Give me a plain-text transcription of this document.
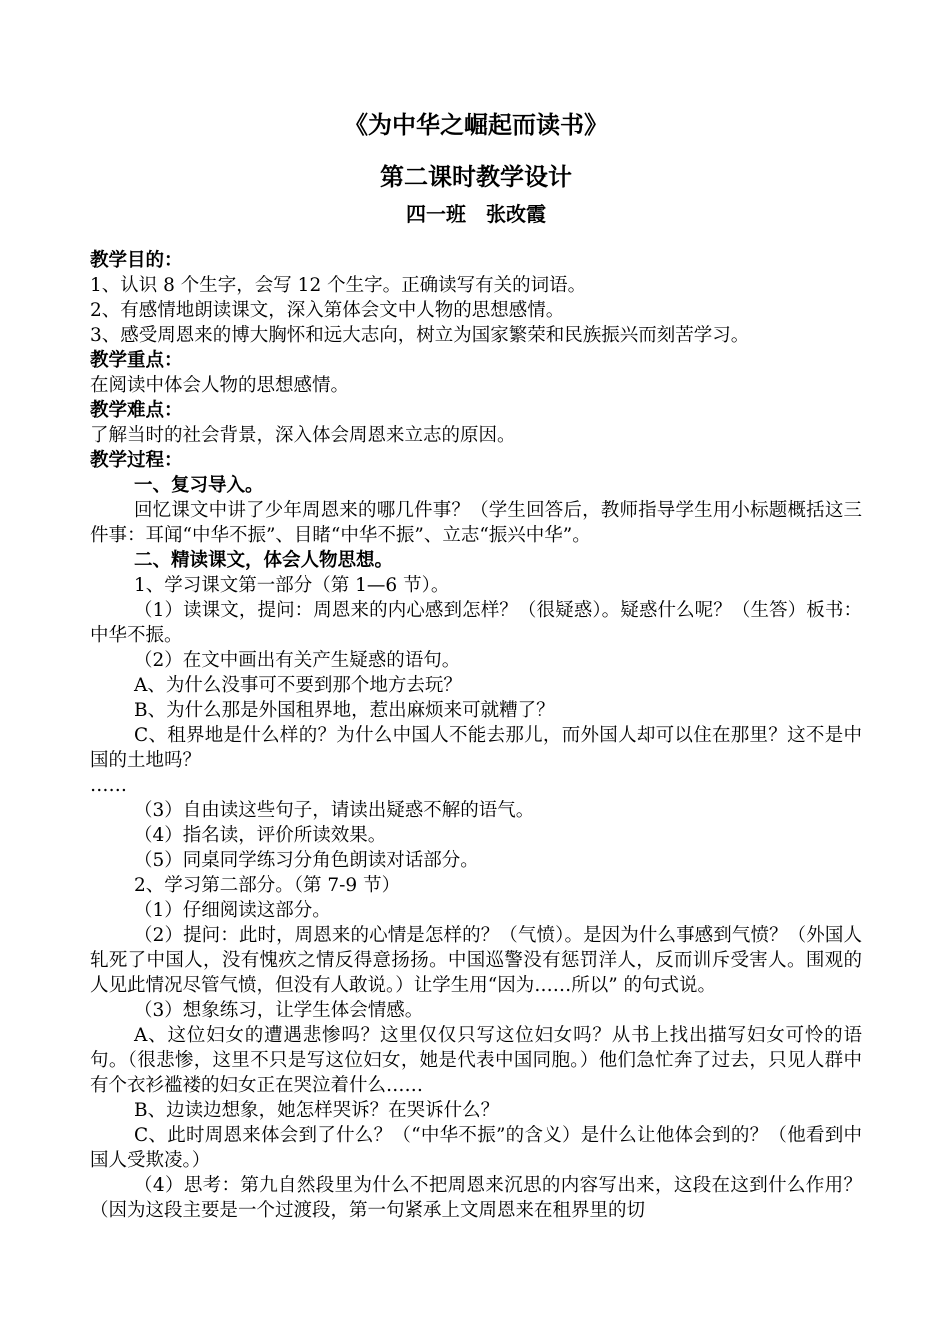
《为中华之崛起而读书》
第二课时教学设计
四一班　张改霞
教学目的：
1、认识 8 个生字，会写 12 个生字。正确读写有关的词语。
2、有感情地朗读课文，深入第体会文中人物的思想感情。
3、感受周恩来的博大胸怀和远大志向，树立为国家繁荣和民族振兴而刻苦学习。
教学重点：
在阅读中体会人物的思想感情。
教学难点：
了解当时的社会背景，深入体会周恩来立志的原因。
教学过程：
一、复习导入。
回忆课文中讲了少年周恩来的哪几件事？（学生回答后，教师指导学生用小标题概括这三件事：耳闻“中华不振”、目睹“中华不振”、立志“振兴中华”。
二、精读课文，体会人物思想。
1、学习课文第一部分（第 1—6 节）。
（1）读课文，提问：周恩来的内心感到怎样？（很疑惑）。疑惑什么呢？（生答）板书：中华不振。
（2）在文中画出有关产生疑惑的语句。
A、为什么没事可不要到那个地方去玩？
B、为什么那是外国租界地，惹出麻烦来可就糟了？
C、租界地是什么样的？为什么中国人不能去那儿，而外国人却可以住在那里？这不是中国的土地吗？
……
（3）自由读这些句子，请读出疑惑不解的语气。
（4）指名读，评价所读效果。
（5）同桌同学练习分角色朗读对话部分。
2、学习第二部分。（第 7-9 节）
（1）仔细阅读这部分。
（2）提问：此时，周恩来的心情是怎样的？（气愤）。是因为什么事感到气愤？（外国人轧死了中国人，没有愧疚之情反得意扬扬。中国巡警没有惩罚洋人，反而训斥受害人。围观的人见此情况尽管气愤，但没有人敢说。）让学生用“因为……所以” 的句式说。
（3）想象练习，让学生体会情感。
A、这位妇女的遭遇悲惨吗？这里仅仅只写这位妇女吗？从书上找出描写妇女可怜的语句。（很悲惨，这里不只是写这位妇女，她是代表中国同胞。）他们急忙奔了过去，只见人群中有个衣衫褴褛的妇女正在哭泣着什么……
B、边读边想象，她怎样哭诉？在哭诉什么？
C、此时周恩来体会到了什么？（“中华不振”的含义）是什么让他体会到的？（他看到中国人受欺凌。）
（4）思考：第九自然段里为什么不把周恩来沉思的内容写出来，这段在这到什么作用？（因为这段主要是一个过渡段，第一句紧承上文周恩来在租界里的切
